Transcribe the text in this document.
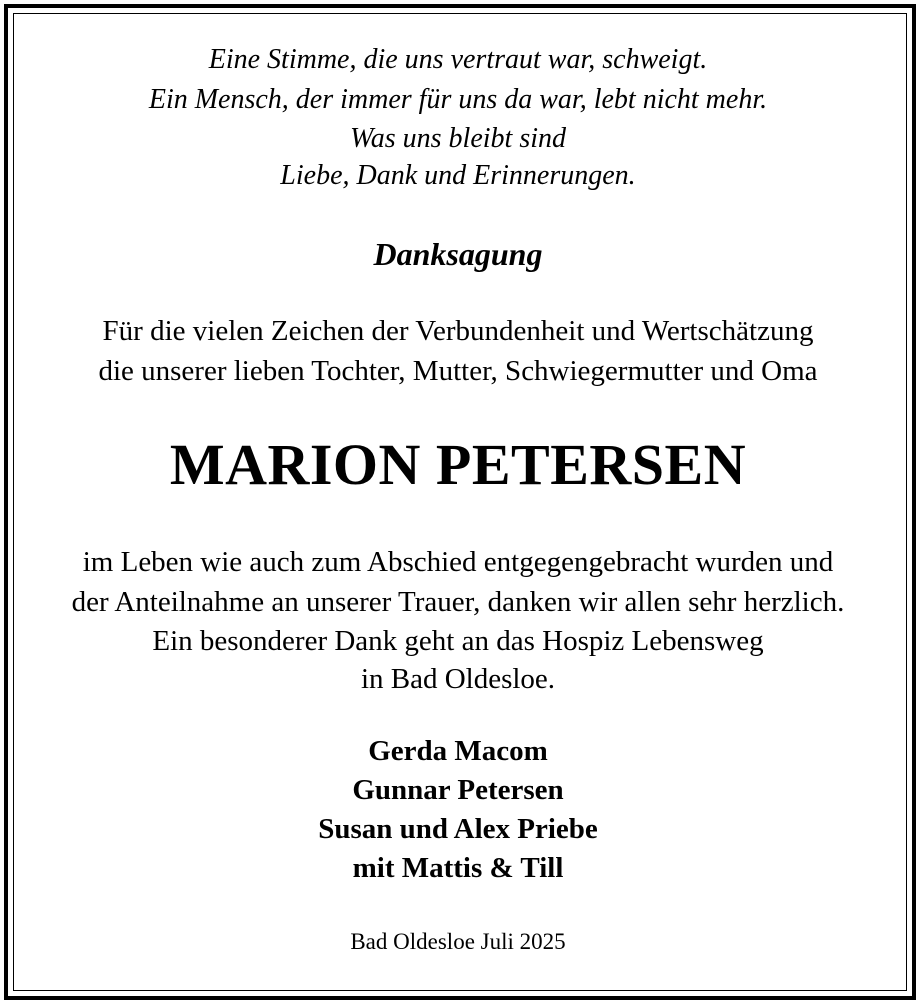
Eine Stimme, die uns vertraut war, schweigt.
Ein Mensch, der immer für uns da war, lebt nicht mehr.
Was uns bleibt sind
Liebe, Dank und Erinnerungen.
Danksagung
Für die vielen Zeichen der Verbundenheit und Wertschätzung
die unserer lieben Tochter, Mutter, Schwiegermutter und Oma
MARION PETERSEN
im Leben wie auch zum Abschied entgegengebracht wurden und
der Anteilnahme an unserer Trauer, danken wir allen sehr herzlich.
Ein besonderer Dank geht an das Hospiz Lebensweg
in Bad Oldesloe.
Gerda Macom
Gunnar Petersen
Susan und Alex Priebe
mit Mattis & Till
Bad Oldesloe Juli 2025
